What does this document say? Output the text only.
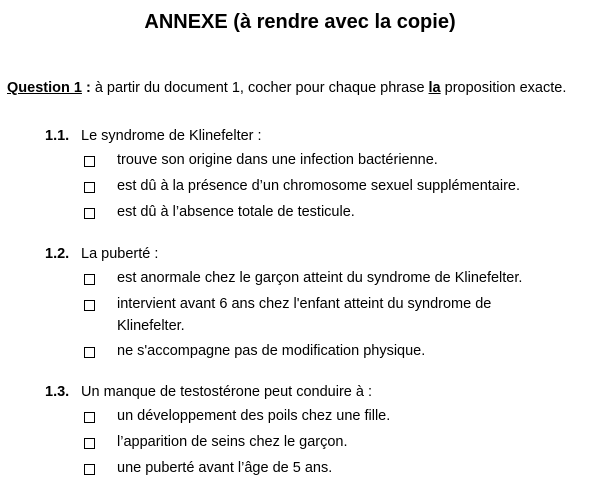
ANNEXE (à rendre avec la copie)
Question 1 : à partir du document 1, cocher pour chaque phrase la proposition exacte.
1.1. Le syndrome de Klinefelter :
trouve son origine dans une infection bactérienne.
est dû à la présence d’un chromosome sexuel supplémentaire.
est dû à l’absence totale de testicule.
1.2. La puberté :
est anormale chez le garçon atteint du syndrome de Klinefelter.
intervient avant 6 ans chez l'enfant atteint du syndrome de Klinefelter.
ne s'accompagne pas de modification physique.
1.3. Un manque de testostérone peut conduire à :
un développement des poils chez une fille.
l’apparition de seins chez le garçon.
une puberté avant l’âge de 5 ans.
